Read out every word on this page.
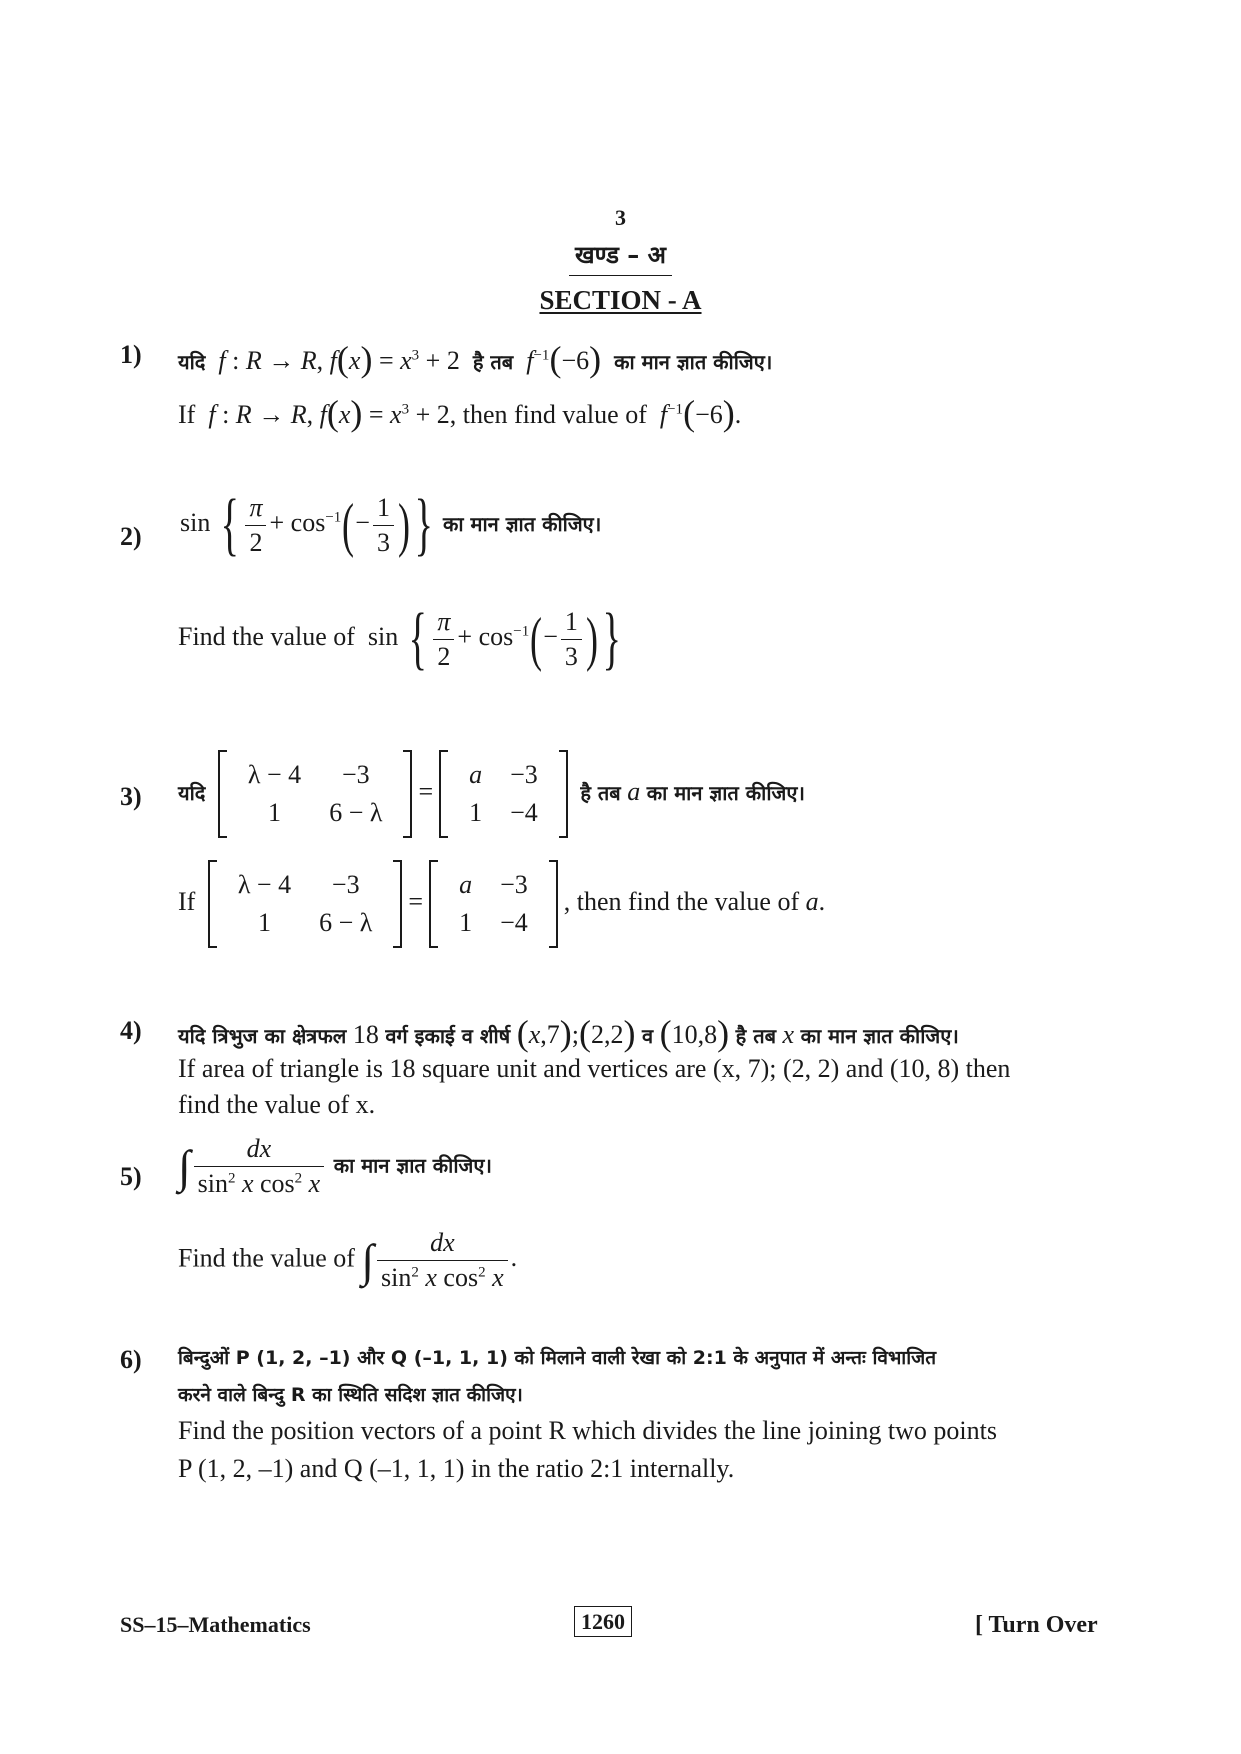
3
खण्ड – अ
SECTION - A
1) यदि f : R → R, $f(x) = x^3 + 2$  है तब $f^{-1}(-6)$ का मान ज्ञात कीजिए।
If f : R → R, $f(x) = x^3 + 2$, then find value of $f^{-1}(-6)$.
2) sin { $\frac{\pi}{2} + \cos^{-1}(- \frac{1}{3}$ )} का मान ज्ञात कीजिए।
Find the value of  sin { $\frac{\pi}{2} + \cos^{-1}(- \frac{1}{3}$ )}
3) यदि
λ − 4	−3
1	6 − λ
=
a	−3
1	−4
है तब a का मान ज्ञात कीजिए।
If
λ − 4	−3
1	6 − λ
=
a	−3
1	−4
, then find the value of a.
4) यदि त्रिभुज का क्षेत्रफल 18 वर्ग इकाई व शीर्ष (x,7);(2,2) व (10,8) है तब x का मान ज्ञात कीजिए।
If area of triangle is 18 square unit and vertices are (x, 7); (2, 2) and (10, 8) then
find the value of x.
5) ∫ $\frac{dx}{\sin^2 x \cos^2 x}$ का मान ज्ञात कीजिए।
Find the value of ∫ $\frac{dx}{\sin^2 x \cos^2 x}$ .
6) बिन्दुओं P (1, 2, –1) और Q (–1, 1, 1) को मिलाने वाली रेखा को 2:1 के अनुपात में अन्तः विभाजित
करने वाले बिन्दु R का स्थिति सदिश ज्ञात कीजिए।
Find the position vectors of a point R which divides the line joining two points
P (1, 2, –1) and Q (–1, 1, 1) in the ratio 2:1 internally.
SS–15–Mathematics	1260	[ Turn Over
